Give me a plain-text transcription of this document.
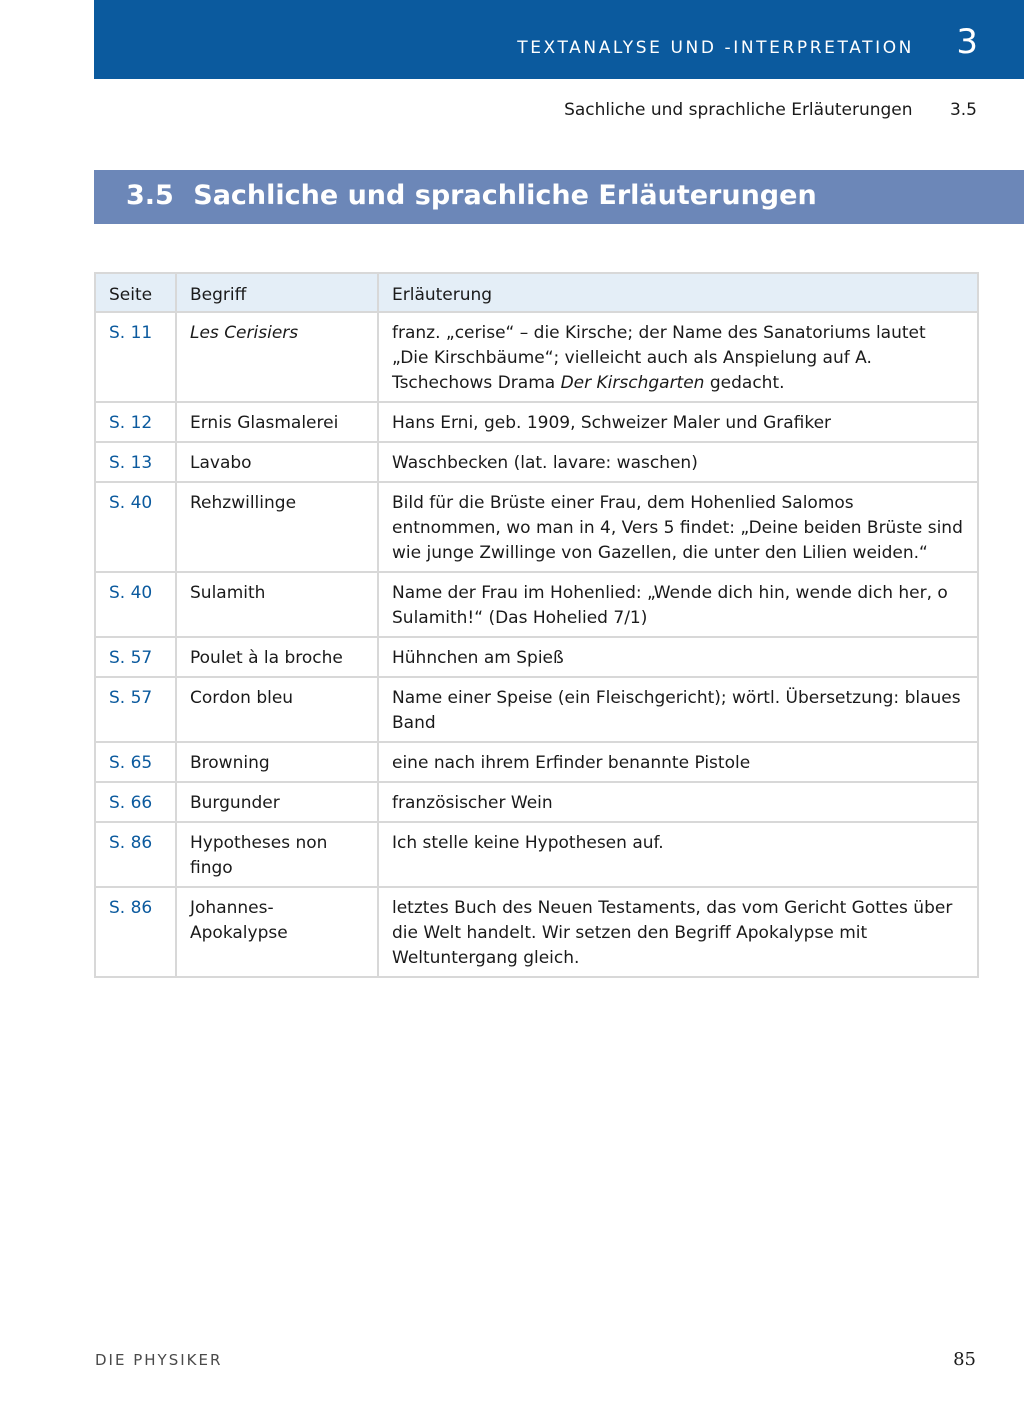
TEXTANALYSE UND -INTERPRETATION 3
Sachliche und sprachliche Erläuterungen 3.5
3.5 Sachliche und sprachliche Erläuterungen
Seite	Begriff	Erläuterung
S. 11	Les Cerisiers	franz. „cerise“ – die Kirsche; der Name des Sanatoriums lautet „Die Kirschbäume“; vielleicht auch als Anspielung auf A. Tschechows Drama Der Kirschgarten gedacht.
S. 12	Ernis Glasmalerei	Hans Erni, geb. 1909, Schweizer Maler und Grafiker
S. 13	Lavabo	Waschbecken (lat. lavare: waschen)
S. 40	Rehzwillinge	Bild für die Brüste einer Frau, dem Hohenlied Salomos entnommen, wo man in 4, Vers 5 findet: „Deine beiden Brüste sind wie junge Zwillinge von Gazellen, die unter den Lilien weiden.“
S. 40	Sulamith	Name der Frau im Hohenlied: „Wende dich hin, wende dich her, o Sulamith!“ (Das Hohelied 7/1)
S. 57	Poulet à la broche	Hühnchen am Spieß
S. 57	Cordon bleu	Name einer Speise (ein Fleischgericht); wörtl. Übersetzung: blaues Band
S. 65	Browning	eine nach ihrem Erfinder benannte Pistole
S. 66	Burgunder	französischer Wein
S. 86	Hypotheses non fingo	Ich stelle keine Hypothesen auf.
S. 86	Johannes-Apokalypse	letztes Buch des Neuen Testaments, das vom Gericht Gottes über die Welt handelt. Wir setzen den Begriff Apokalypse mit Weltuntergang gleich.
DIE PHYSIKER	85
